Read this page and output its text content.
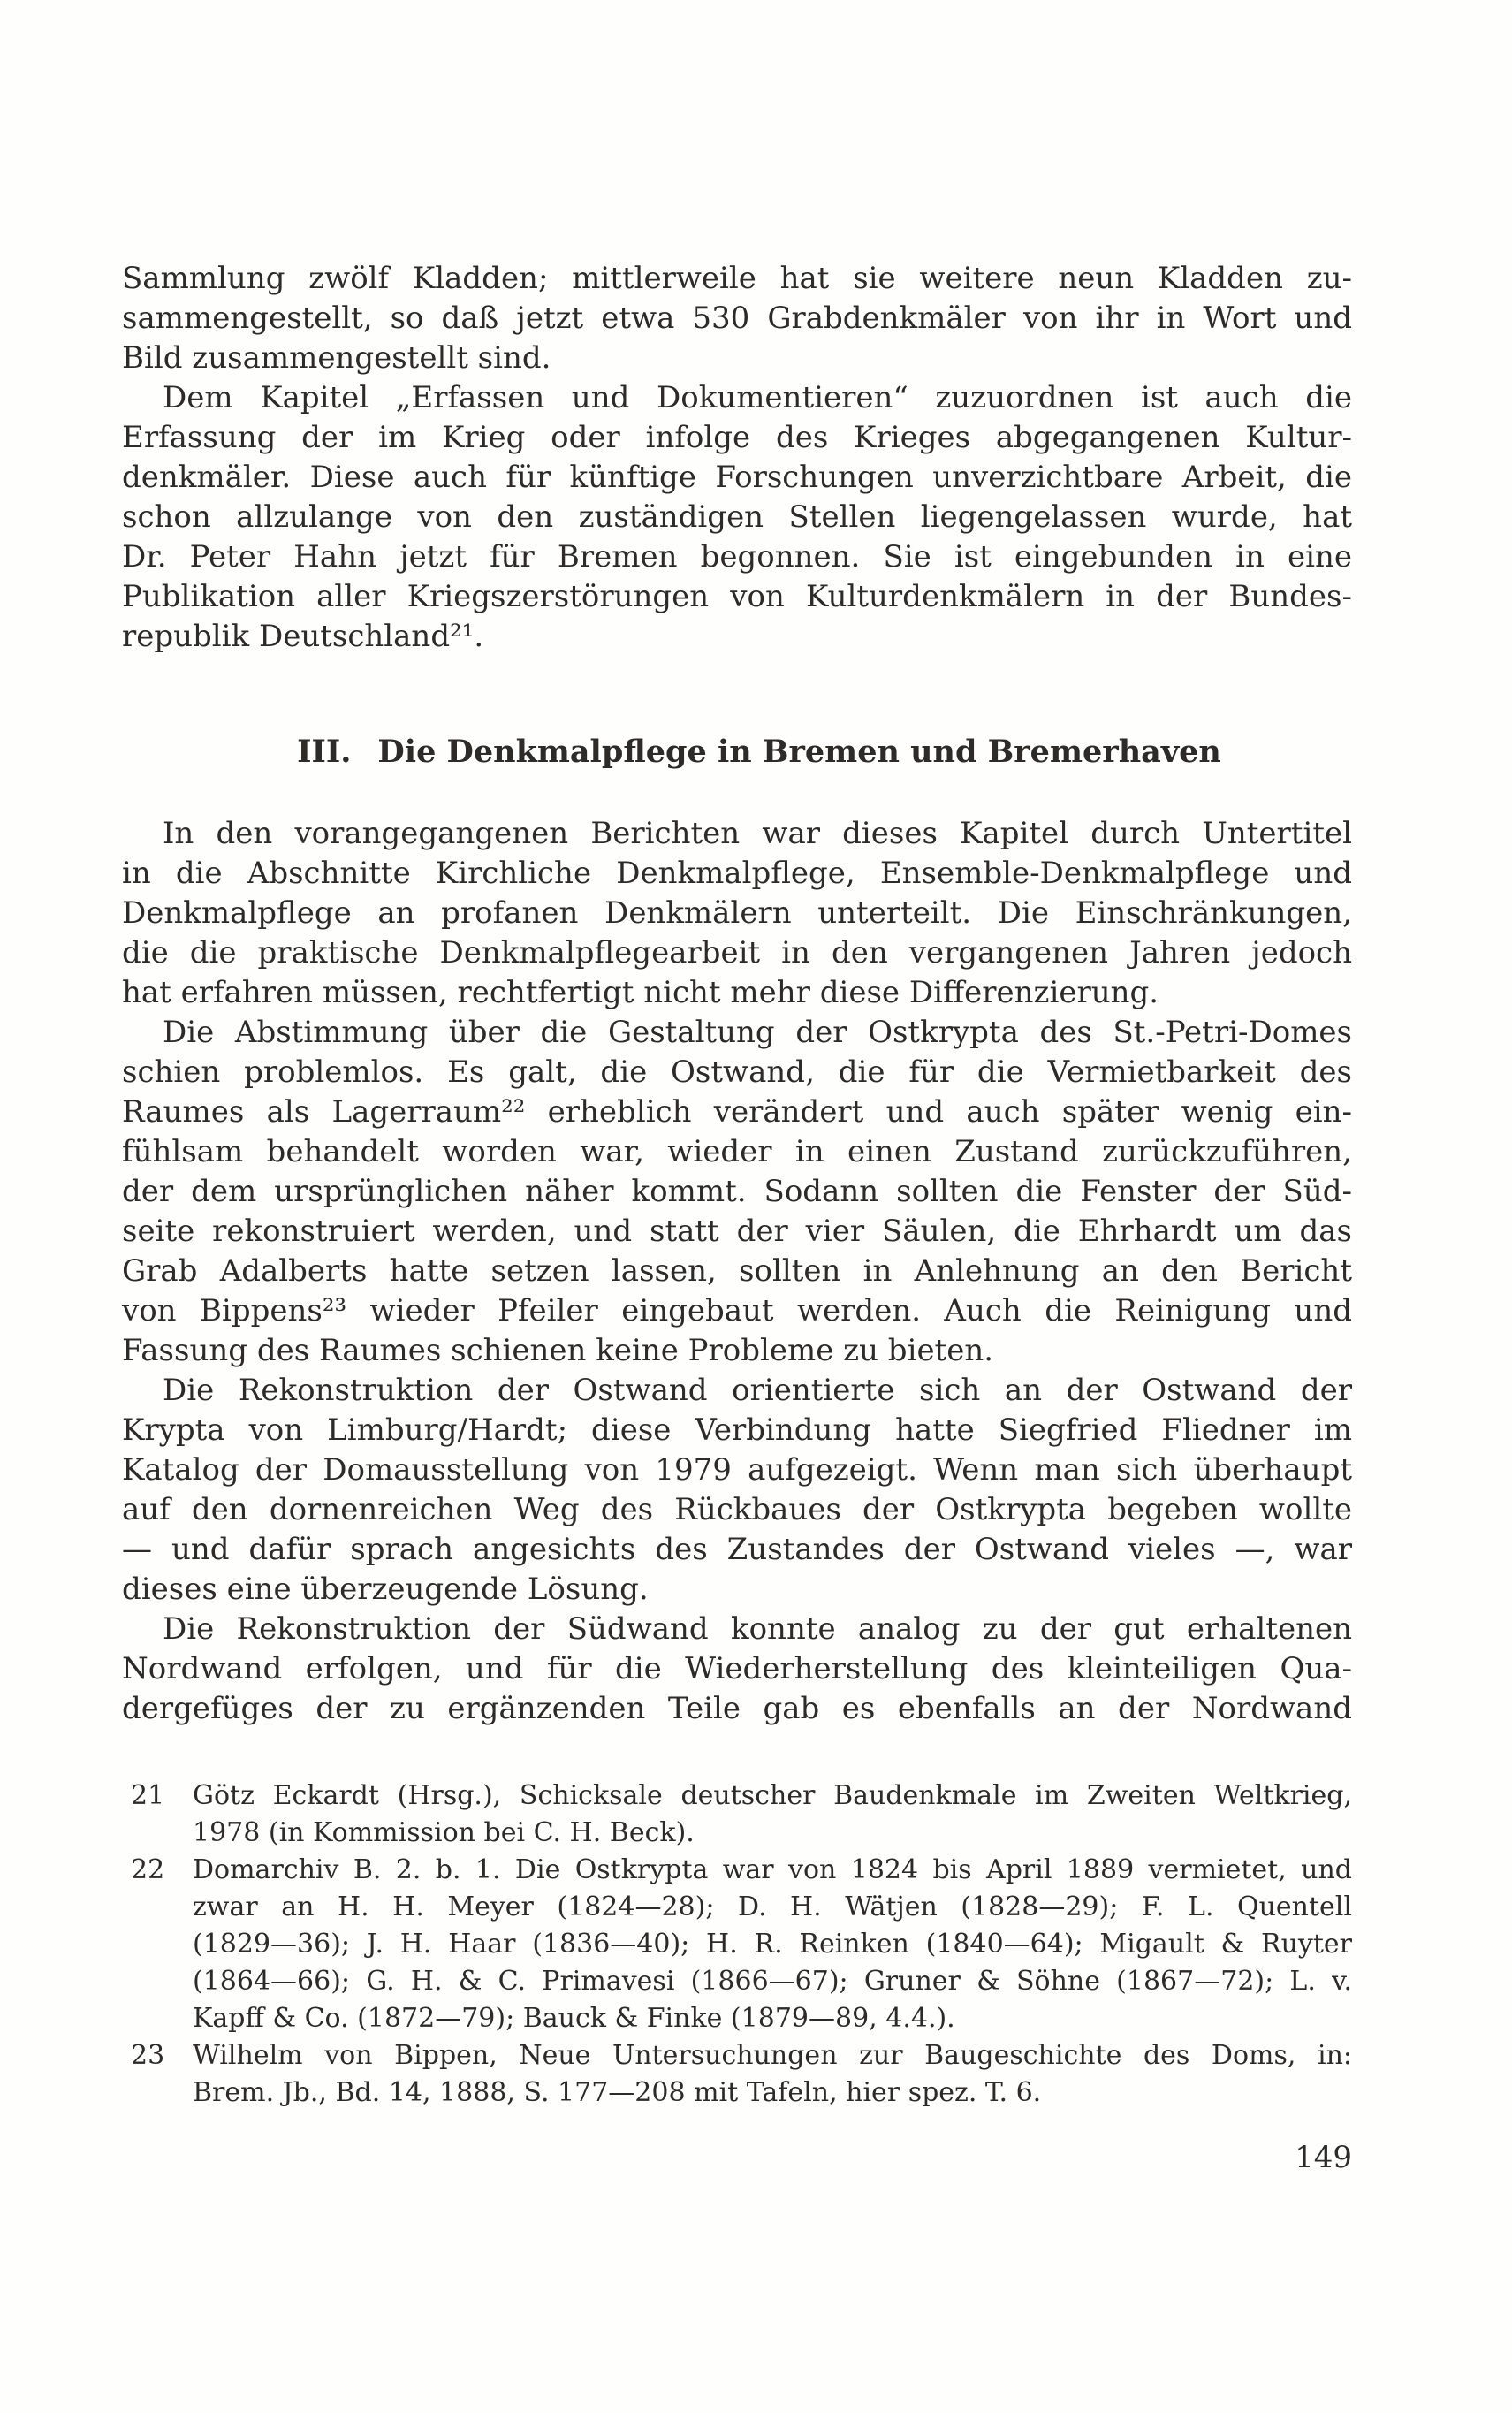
Sammlung zwölf Kladden; mittlerweile hat sie weitere neun Kladden zu-
sammengestellt, so daß jetzt etwa 530 Grabdenkmäler von ihr in Wort und
Bild zusammengestellt sind.
Dem Kapitel „Erfassen und Dokumentieren“ zuzuordnen ist auch die
Erfassung der im Krieg oder infolge des Krieges abgegangenen Kultur-
denkmäler. Diese auch für künftige Forschungen unverzichtbare Arbeit, die
schon allzulange von den zuständigen Stellen liegengelassen wurde, hat
Dr. Peter Hahn jetzt für Bremen begonnen. Sie ist eingebunden in eine
Publikation aller Kriegszerstörungen von Kulturdenkmälern in der Bundes-
republik Deutschland²¹.
III. Die Denkmalpflege in Bremen und Bremerhaven
In den vorangegangenen Berichten war dieses Kapitel durch Untertitel
in die Abschnitte Kirchliche Denkmalpflege, Ensemble-Denkmalpflege und
Denkmalpflege an profanen Denkmälern unterteilt. Die Einschränkungen,
die die praktische Denkmalpflegearbeit in den vergangenen Jahren jedoch
hat erfahren müssen, rechtfertigt nicht mehr diese Differenzierung.
Die Abstimmung über die Gestaltung der Ostkrypta des St.-Petri-Domes
schien problemlos. Es galt, die Ostwand, die für die Vermietbarkeit des
Raumes als Lagerraum²² erheblich verändert und auch später wenig ein-
fühlsam behandelt worden war, wieder in einen Zustand zurückzuführen,
der dem ursprünglichen näher kommt. Sodann sollten die Fenster der Süd-
seite rekonstruiert werden, und statt der vier Säulen, die Ehrhardt um das
Grab Adalberts hatte setzen lassen, sollten in Anlehnung an den Bericht
von Bippens²³ wieder Pfeiler eingebaut werden. Auch die Reinigung und
Fassung des Raumes schienen keine Probleme zu bieten.
Die Rekonstruktion der Ostwand orientierte sich an der Ostwand der
Krypta von Limburg/Hardt; diese Verbindung hatte Siegfried Fliedner im
Katalog der Domausstellung von 1979 aufgezeigt. Wenn man sich überhaupt
auf den dornenreichen Weg des Rückbaues der Ostkrypta begeben wollte
— und dafür sprach angesichts des Zustandes der Ostwand vieles —, war
dieses eine überzeugende Lösung.
Die Rekonstruktion der Südwand konnte analog zu der gut erhaltenen
Nordwand erfolgen, und für die Wiederherstellung des kleinteiligen Qua-
dergefüges der zu ergänzenden Teile gab es ebenfalls an der Nordwand
21 Götz Eckardt (Hrsg.), Schicksale deutscher Baudenkmale im Zweiten Weltkrieg,
1978 (in Kommission bei C. H. Beck).
22 Domarchiv B. 2. b. 1. Die Ostkrypta war von 1824 bis April 1889 vermietet, und
zwar an H. H. Meyer (1824—28); D. H. Wätjen (1828—29); F. L. Quentell
(1829—36); J. H. Haar (1836—40); H. R. Reinken (1840—64); Migault & Ruyter
(1864—66); G. H. & C. Primavesi (1866—67); Gruner & Söhne (1867—72); L. v.
Kapff & Co. (1872—79); Bauck & Finke (1879—89, 4.4.).
23 Wilhelm von Bippen, Neue Untersuchungen zur Baugeschichte des Doms, in:
Brem. Jb., Bd. 14, 1888, S. 177—208 mit Tafeln, hier spez. T. 6.
149
